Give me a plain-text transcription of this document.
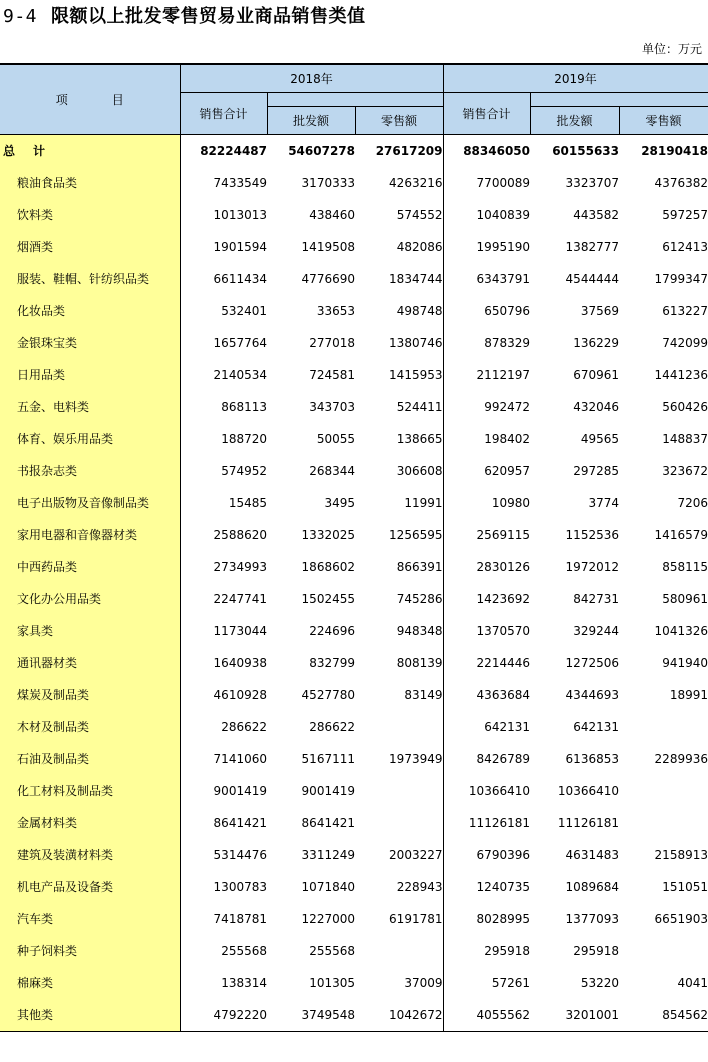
9-4 限额以上批发零售贸易业商品销售类值
单位：万元
项 目	2018年			2019年		
	销售合计			销售合计		
		批发额	零售额		批发额	零售额
总 计	82224487	54607278	27617209	88346050	60155633	28190418
粮油食品类	7433549	3170333	4263216	7700089	3323707	4376382
饮料类	1013013	438460	574552	1040839	443582	597257
烟酒类	1901594	1419508	482086	1995190	1382777	612413
服装、鞋帽、针纺织品类	6611434	4776690	1834744	6343791	4544444	1799347
化妆品类	532401	33653	498748	650796	37569	613227
金银珠宝类	1657764	277018	1380746	878329	136229	742099
日用品类	2140534	724581	1415953	2112197	670961	1441236
五金、电料类	868113	343703	524411	992472	432046	560426
体育、娱乐用品类	188720	50055	138665	198402	49565	148837
书报杂志类	574952	268344	306608	620957	297285	323672
电子出版物及音像制品类	15485	3495	11991	10980	3774	7206
家用电器和音像器材类	2588620	1332025	1256595	2569115	1152536	1416579
中西药品类	2734993	1868602	866391	2830126	1972012	858115
文化办公用品类	2247741	1502455	745286	1423692	842731	580961
家具类	1173044	224696	948348	1370570	329244	1041326
通讯器材类	1640938	832799	808139	2214446	1272506	941940
煤炭及制品类	4610928	4527780	83149	4363684	4344693	18991
木材及制品类	286622	286622		642131	642131	
石油及制品类	7141060	5167111	1973949	8426789	6136853	2289936
化工材料及制品类	9001419	9001419		10366410	10366410	
金属材料类	8641421	8641421		11126181	11126181	
建筑及装潢材料类	5314476	3311249	2003227	6790396	4631483	2158913
机电产品及设备类	1300783	1071840	228943	1240735	1089684	151051
汽车类	7418781	1227000	6191781	8028995	1377093	6651903
种子饲料类	255568	255568		295918	295918	
棉麻类	138314	101305	37009	57261	53220	4041
其他类	4792220	3749548	1042672	4055562	3201001	854562
